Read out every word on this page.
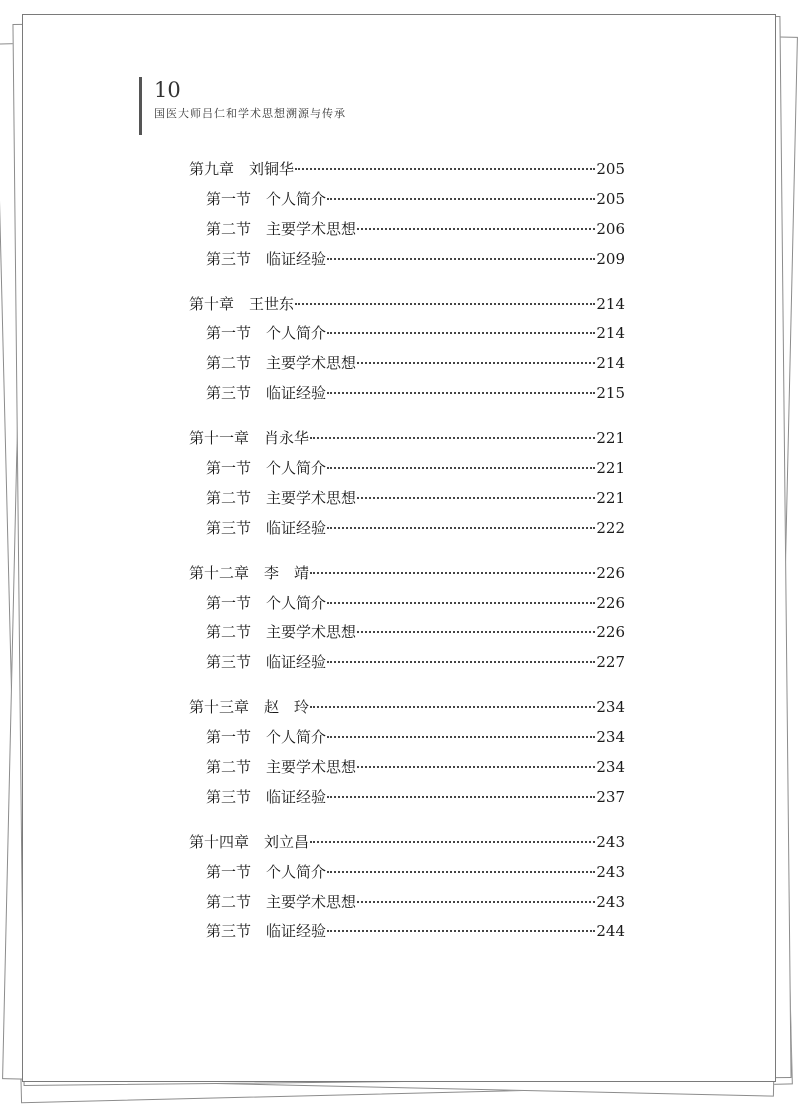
10
国医大师吕仁和学术思想溯源与传承
第九章　刘铜华	205
第一节　个人简介	205
第二节　主要学术思想	206
第三节　临证经验	209
第十章　王世东	214
第一节　个人简介	214
第二节　主要学术思想	214
第三节　临证经验	215
第十一章　肖永华	221
第一节　个人简介	221
第二节　主要学术思想	221
第三节　临证经验	222
第十二章　李　靖	226
第一节　个人简介	226
第二节　主要学术思想	226
第三节　临证经验	227
第十三章　赵　玲	234
第一节　个人简介	234
第二节　主要学术思想	234
第三节　临证经验	237
第十四章　刘立昌	243
第一节　个人简介	243
第二节　主要学术思想	243
第三节　临证经验	244
